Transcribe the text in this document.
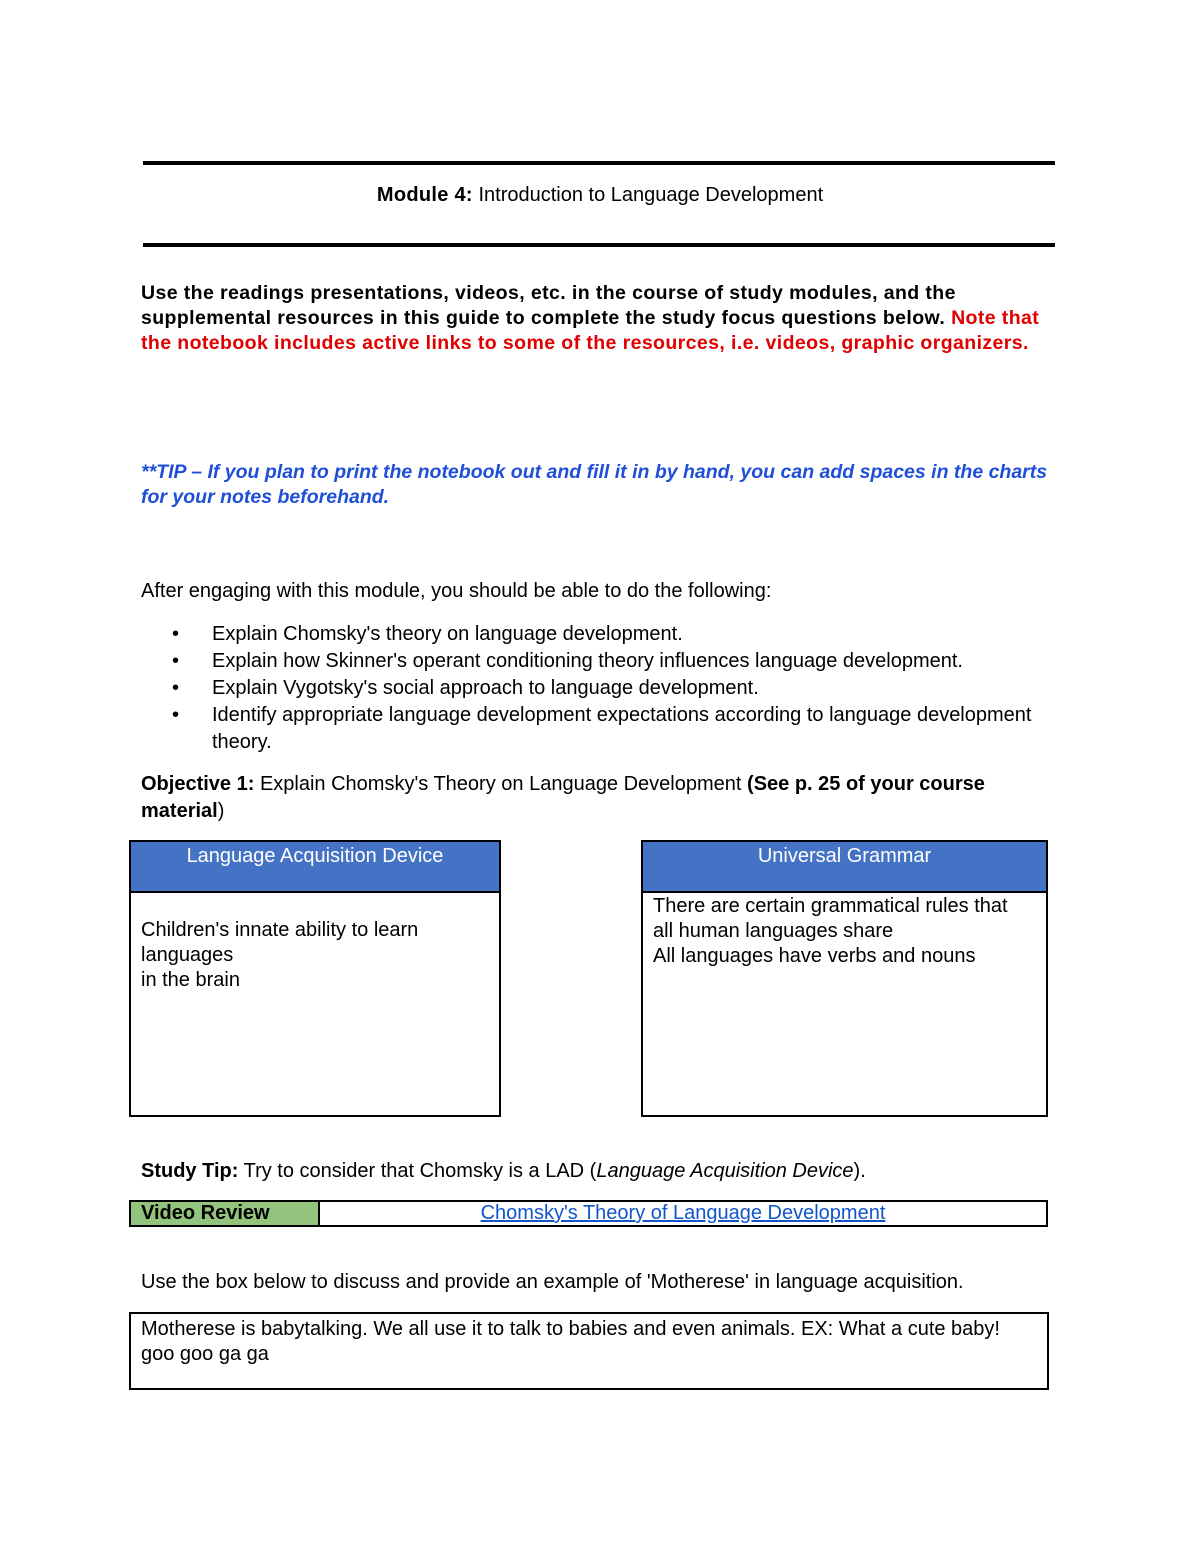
Module 4: Introduction to Language Development
Use the readings presentations, videos, etc. in the course of study modules, and the supplemental resources in this guide to complete the study focus questions below. Note that the notebook includes active links to some of the resources, i.e. videos, graphic organizers.
**TIP – If you plan to print the notebook out and fill it in by hand, you can add spaces in the charts for your notes beforehand.
After engaging with this module, you should be able to do the following:
• Explain Chomsky's theory on language development.
• Explain how Skinner's operant conditioning theory influences language development.
• Explain Vygotsky's social approach to language development.
• Identify appropriate language development expectations according to language development theory.
Objective 1: Explain Chomsky's Theory on Language Development (See p. 25 of your course material)
Language Acquisition Device
Children's innate ability to learn
languages
in the brain
Universal Grammar
There are certain grammatical rules that
all human languages share
All languages have verbs and nouns
Study Tip: Try to consider that Chomsky is a LAD (Language Acquisition Device).
Video Review	Chomsky's Theory of Language Development
Use the box below to discuss and provide an example of 'Motherese' in language acquisition.
Motherese is babytalking. We all use it to talk to babies and even animals. EX: What a cute baby! goo goo ga ga
